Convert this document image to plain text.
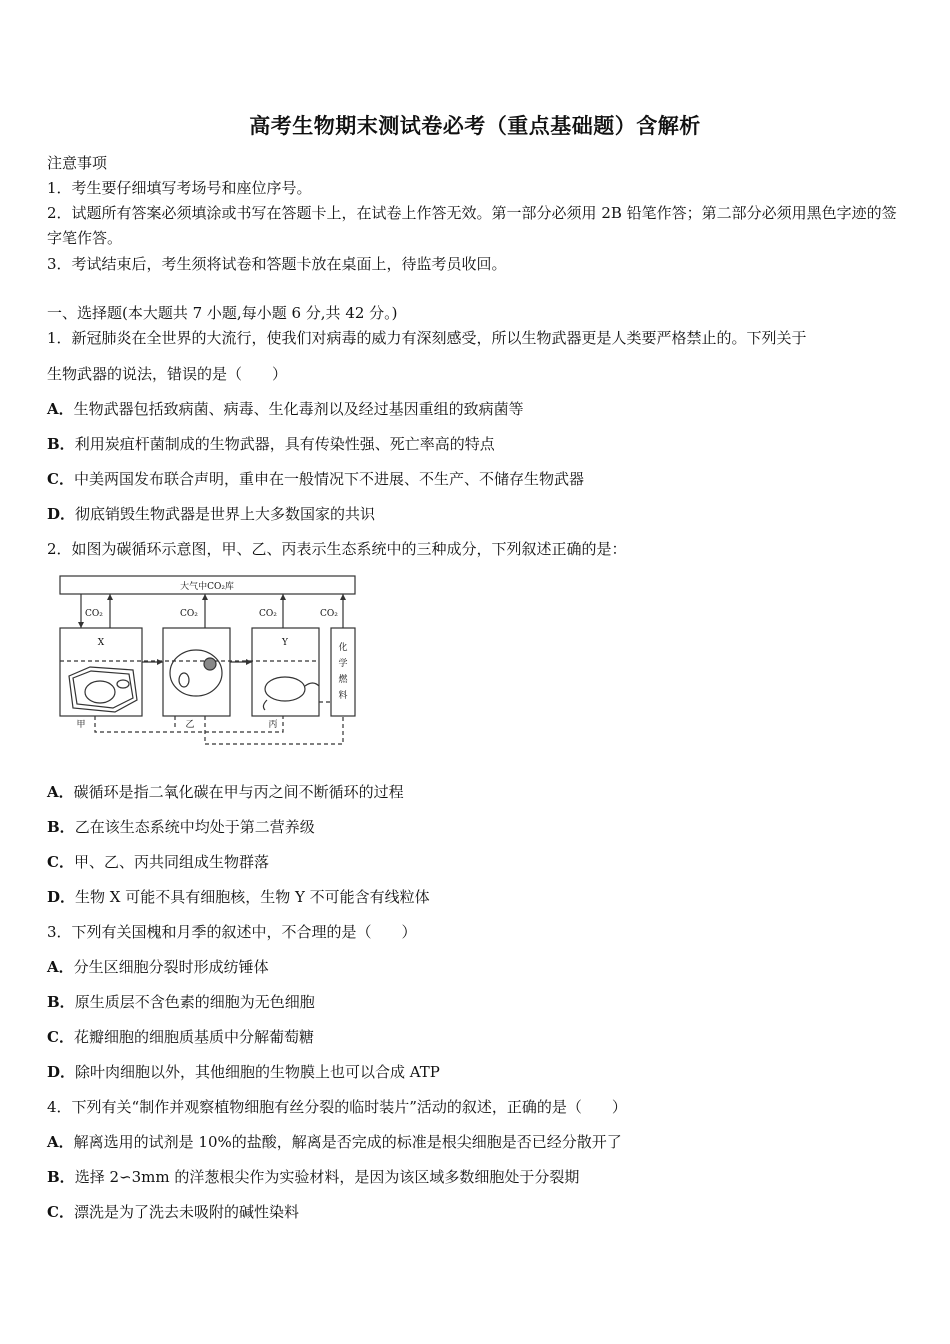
高考生物期末测试卷必考（重点基础题）含解析
注意事项
1．考生要仔细填写考场号和座位序号。
2．试题所有答案必须填涂或书写在答题卡上，在试卷上作答无效。第一部分必须用 2B 铅笔作答；第二部分必须用黑色字迹的签字笔作答。
3．考试结束后，考生须将试卷和答题卡放在桌面上，待监考员收回。
一、选择题(本大题共 7 小题,每小题 6 分,共 42 分。)
1．新冠肺炎在全世界的大流行，使我们对病毒的威力有深刻感受，所以生物武器更是人类要严格禁止的。下列关于
生物武器的说法，错误的是（　　）
A．生物武器包括致病菌、病毒、生化毒剂以及经过基因重组的致病菌等
B．利用炭疽杆菌制成的生物武器，具有传染性强、死亡率高的特点
C．中美两国发布联合声明，重申在一般情况下不进展、不生产、不储存生物武器
D．彻底销毁生物武器是世界上大多数国家的共识
2．如图为碳循环示意图，甲、乙、丙表示生态系统中的三种成分，下列叙述正确的是：
大气中CO₂库
CO₂	CO₂	CO₂	CO₂
X	Y	化
学
燃
料
甲	乙	丙
A．碳循环是指二氧化碳在甲与丙之间不断循环的过程
B．乙在该生态系统中均处于第二营养级
C．甲、乙、丙共同组成生物群落
D．生物 X 可能不具有细胞核，生物 Y 不可能含有线粒体
3．下列有关国槐和月季的叙述中，不合理的是（　　）
A．分生区细胞分裂时形成纺锤体
B．原生质层不含色素的细胞为无色细胞
C．花瓣细胞的细胞质基质中分解葡萄糖
D．除叶肉细胞以外，其他细胞的生物膜上也可以合成 ATP
4．下列有关“制作并观察植物细胞有丝分裂的临时装片”活动的叙述，正确的是（　　）
A．解离选用的试剂是 10%的盐酸，解离是否完成的标准是根尖细胞是否已经分散开了
B．选择 2∽3mm 的洋葱根尖作为实验材料，是因为该区域多数细胞处于分裂期
C．漂洗是为了洗去未吸附的碱性染料
